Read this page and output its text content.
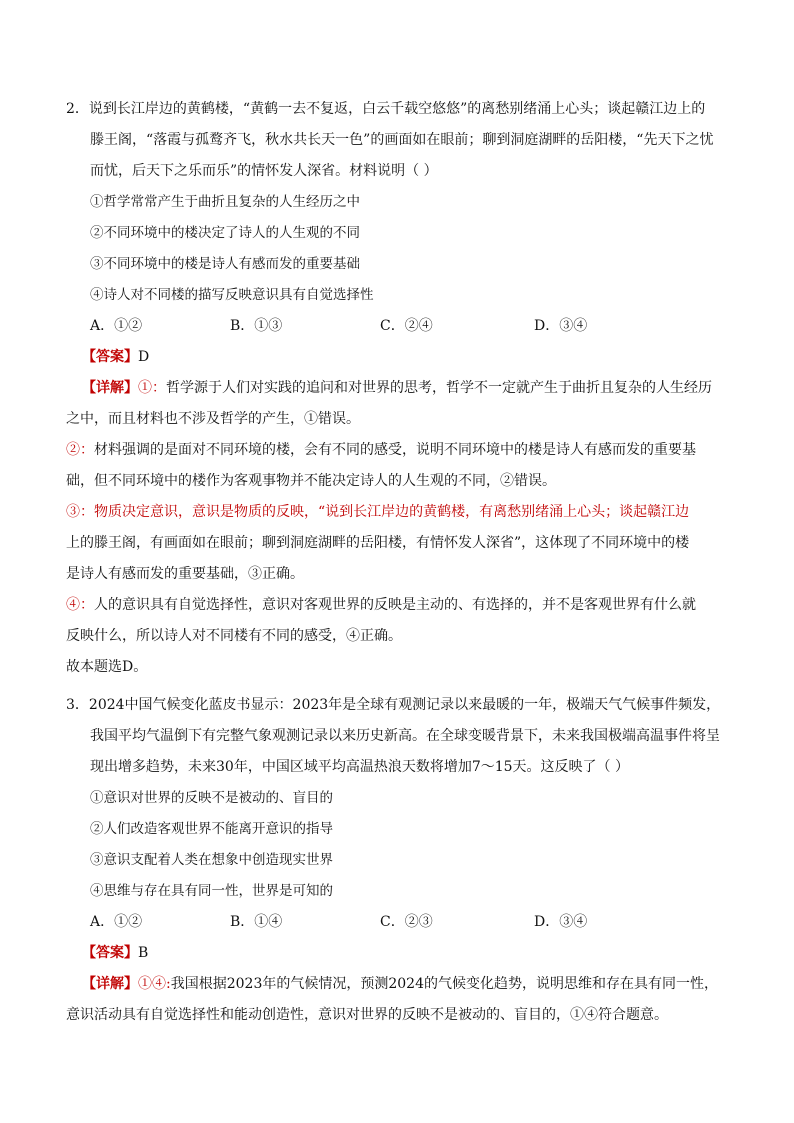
2．说到长江岸边的黄鹤楼，“黄鹤一去不复返，白云千载空悠悠”的离愁别绪涌上心头；谈起赣江边上的
滕王阁，“落霞与孤鹜齐飞，秋水共长天一色”的画面如在眼前；聊到洞庭湖畔的岳阳楼，“先天下之忧
而忧，后天下之乐而乐”的情怀发人深省。材料说明（ ）
①哲学常常产生于曲折且复杂的人生经历之中
②不同环境中的楼决定了诗人的人生观的不同
③不同环境中的楼是诗人有感而发的重要基础
④诗人对不同楼的描写反映意识具有自觉选择性
A．①②	B．①③	C．②④	D．③④
【答案】D
【详解】①：哲学源于人们对实践的追问和对世界的思考，哲学不一定就产生于曲折且复杂的人生经历
之中，而且材料也不涉及哲学的产生，①错误。
②：材料强调的是面对不同环境的楼，会有不同的感受，说明不同环境中的楼是诗人有感而发的重要基
础，但不同环境中的楼作为客观事物并不能决定诗人的人生观的不同，②错误。
③：物质决定意识，意识是物质的反映，“说到长江岸边的黄鹤楼，有离愁别绪涌上心头；谈起赣江边
上的滕王阁，有画面如在眼前；聊到洞庭湖畔的岳阳楼，有情怀发人深省”，这体现了不同环境中的楼
是诗人有感而发的重要基础，③正确。
④：人的意识具有自觉选择性，意识对客观世界的反映是主动的、有选择的，并不是客观世界有什么就
反映什么，所以诗人对不同楼有不同的感受，④正确。
故本题选D。
3．2024中国气候变化蓝皮书显示：2023年是全球有观测记录以来最暖的一年，极端天气气候事件频发，
我国平均气温倒下有完整气象观测记录以来历史新高。在全球变暖背景下，未来我国极端高温事件将呈
现出增多趋势，未来30年，中国区域平均高温热浪天数将增加7～15天。这反映了（ ）
①意识对世界的反映不是被动的、盲目的
②人们改造客观世界不能离开意识的指导
③意识支配着人类在想象中创造现实世界
④思维与存在具有同一性，世界是可知的
A．①②	B．①④	C．②③	D．③④
【答案】B
【详解】①④:我国根据2023年的气候情况，预测2024的气候变化趋势，说明思维和存在具有同一性，
意识活动具有自觉选择性和能动创造性，意识对世界的反映不是被动的、盲目的，①④符合题意。
